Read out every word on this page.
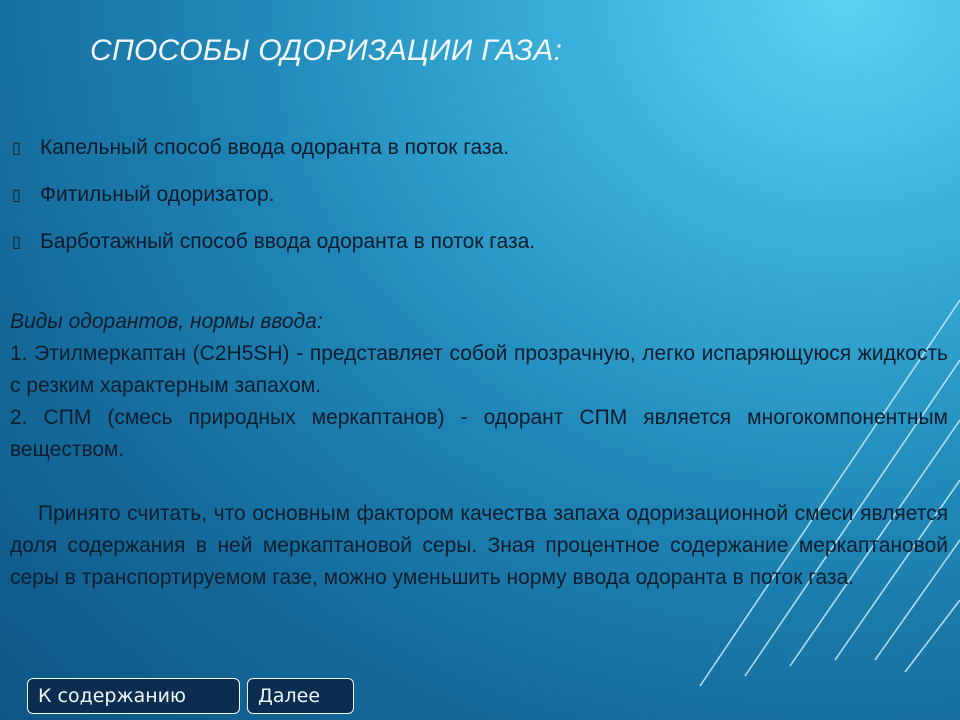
СПОСОБЫ ОДОРИЗАЦИИ ГАЗА:
▯ Капельный способ ввода одоранта в поток газа.
▯ Фитильный одоризатор.
▯ Барботажный способ ввода одоранта в поток газа.

Виды одорантов, нормы ввода:

1. Этилмеркаптан (C2H5SH) - представляет собой прозрачную, легко испаряющуюся жидкость с резким характерным запахом.

2. СПМ (смесь природных меркаптанов) - одорант СПМ является многокомпонентным веществом.

Принято считать, что основным фактором качества запаха одоризационной смеси является доля содержания в ней меркаптановой серы. Зная процентное содержание меркаптановой серы в транспортируемом газе, можно уменьшить норму ввода одоранта в поток газа.

К содержанию	Далее
